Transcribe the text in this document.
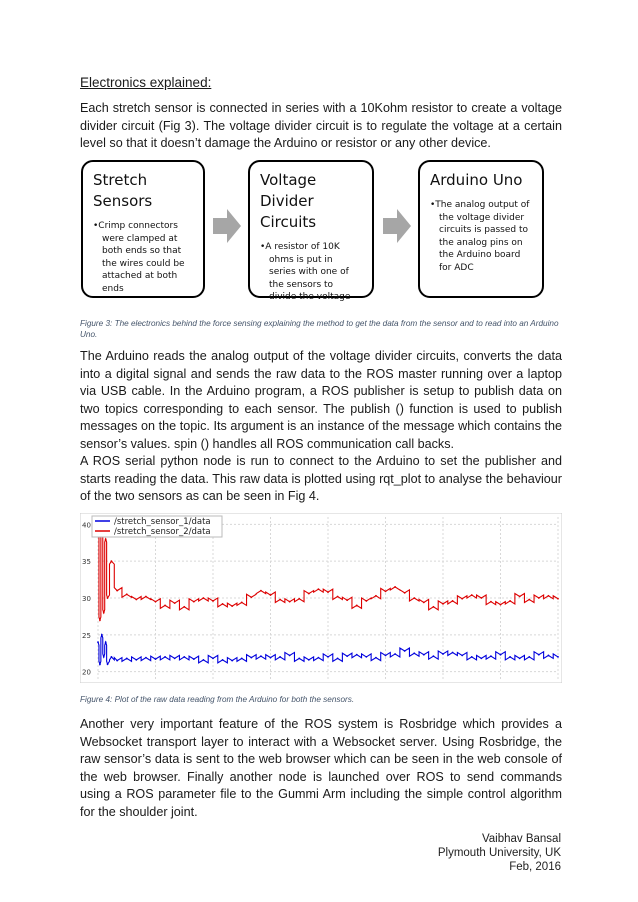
Electronics explained:

Each stretch sensor is connected in series with a 10Kohm resistor to create a voltage divider circuit (Fig 3). The voltage divider circuit is to regulate the voltage at a certain level so that it doesn’t damage the Arduino or resistor or any other device.

Stretch Sensors
•Crimp connectors were clamped at both ends so that the wires could be attached at both ends
Voltage Divider Circuits
•A resistor of 10K ohms is put in series with one of the sensors to divide the voltage
Arduino Uno
•The analog output of the voltage divider circuits is passed to the analog pins on the Arduino board for ADC
Figure 3: The electronics behind the force sensing explaining the method to get the data from the sensor and to read into an Arduino Uno.

The Arduino reads the analog output of the voltage divider circuits, converts the data into a digital signal and sends the raw data to the ROS master running over a laptop via USB cable. In the Arduino program, a ROS publisher is setup to publish data on two topics corresponding to each sensor. The publish () function is used to publish messages on the topic. Its argument is an instance of the message which contains the sensor’s values. spin () handles all ROS communication call backs.

A ROS serial python node is run to connect to the Arduino to set the publisher and starts reading the data. This raw data is plotted using rqt_plot to analyse the behaviour of the two sensors as can be seen in Fig 4.

20
25
30
35
40	/stretch_sensor_1/data
/stretch_sensor_2/data
Figure 4: Plot of the raw data reading from the Arduino for both the sensors.

Another very important feature of the ROS system is Rosbridge which provides a Websocket transport layer to interact with a Websocket server. Using Rosbridge, the raw sensor’s data is sent to the web browser which can be seen in the web console of the web browser. Finally another node is launched over ROS to send commands using a ROS parameter file to the Gummi Arm including the simple control algorithm for the shoulder joint.

Vaibhav Bansal
Plymouth University, UK
Feb, 2016
